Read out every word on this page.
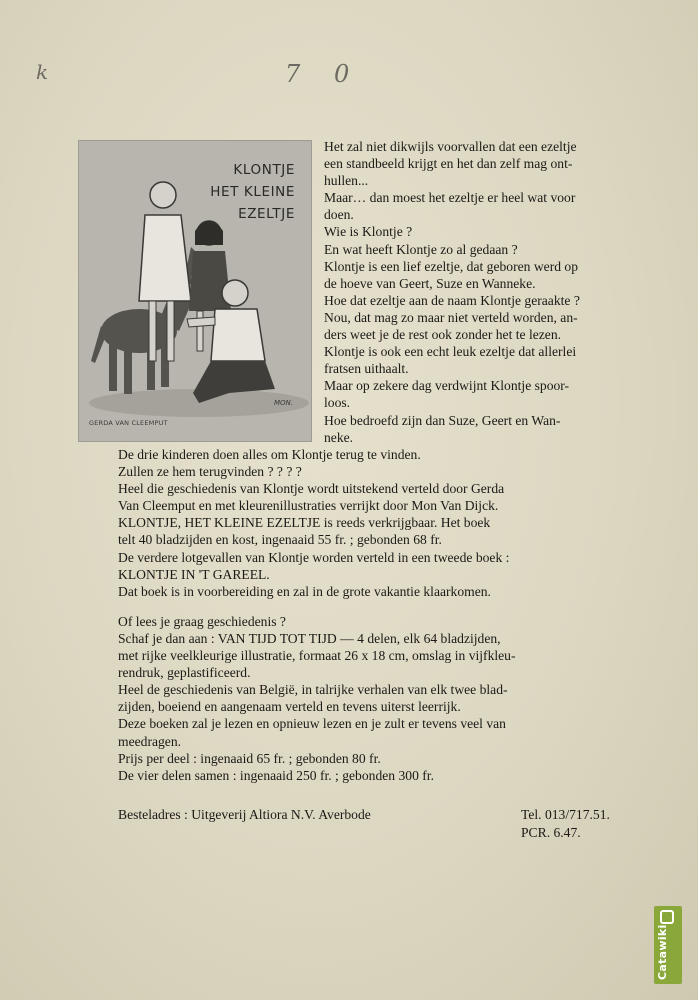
k	7 0
KLONTJE
HET KLEINE
EZELTJE
MON.
GERDA VAN CLEEMPUT
Het zal niet dikwijls voorvallen dat een ezeltje
een standbeeld krijgt en het dan zelf mag ont-
hullen...
Maar… dan moest het ezeltje er heel wat voor
doen.
Wie is Klontje ?
En wat heeft Klontje zo al gedaan ?
Klontje is een lief ezeltje, dat geboren werd op
de hoeve van Geert, Suze en Wanneke.
Hoe dat ezeltje aan de naam Klontje geraakte ?
Nou, dat mag zo maar niet verteld worden, an-
ders weet je de rest ook zonder het te lezen.
Klontje is ook een echt leuk ezeltje dat allerlei
fratsen uithaalt.
Maar op zekere dag verdwijnt Klontje spoor-
loos.
Hoe bedroefd zijn dan Suze, Geert en Wan-
neke.
De drie kinderen doen alles om Klontje terug te vinden.
Zullen ze hem terugvinden ? ? ? ?
Heel die geschiedenis van Klontje wordt uitstekend verteld door Gerda
Van Cleemput en met kleurenillustraties verrijkt door Mon Van Dijck.
KLONTJE, HET KLEINE EZELTJE is reeds verkrijgbaar. Het boek
telt 40 bladzijden en kost, ingenaaid 55 fr. ; gebonden 68 fr.
De verdere lotgevallen van Klontje worden verteld in een tweede boek :
KLONTJE IN 'T GAREEL.
Dat boek is in voorbereiding en zal in de grote vakantie klaarkomen.
Of lees je graag geschiedenis ?
Schaf je dan aan : VAN TIJD TOT TIJD — 4 delen, elk 64 bladzijden,
met rijke veelkleurige illustratie, formaat 26 x 18 cm, omslag in vijfkleu-
rendruk, geplastificeerd.
Heel de geschiedenis van België, in talrijke verhalen van elk twee blad-
zijden, boeiend en aangenaam verteld en tevens uiterst leerrijk.
Deze boeken zal je lezen en opnieuw lezen en je zult er tevens veel van
meedragen.
Prijs per deel : ingenaaid 65 fr. ; gebonden 80 fr.
De vier delen samen : ingenaaid 250 fr. ; gebonden 300 fr.
Besteladres : Uitgeverij Altiora N.V. Averbode	Tel. 013/717.51.
PCR. 6.47.
Catawiki
